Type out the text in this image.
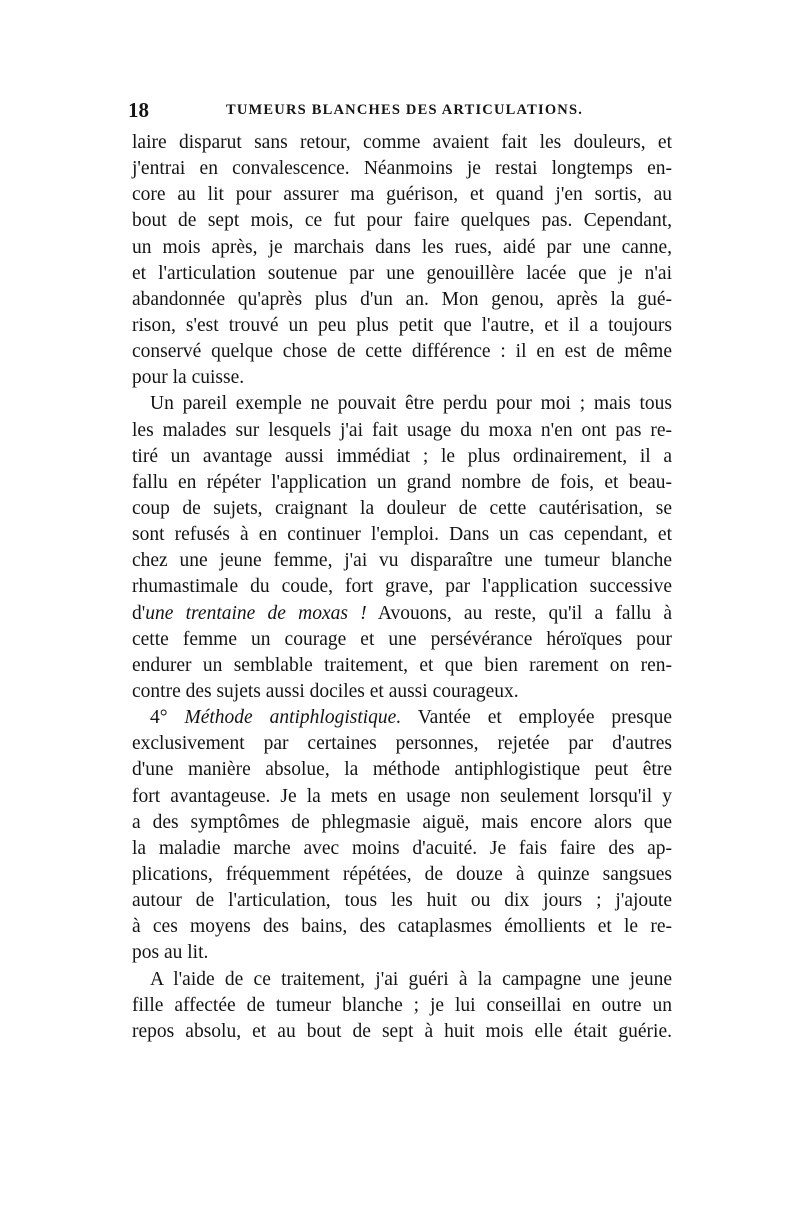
18	TUMEURS BLANCHES DES ARTICULATIONS.
laire disparut sans retour, comme avaient fait les douleurs, et
j'entrai en convalescence. Néanmoins je restai longtemps en-
core au lit pour assurer ma guérison, et quand j'en sortis, au
bout de sept mois, ce fut pour faire quelques pas. Cependant,
un mois après, je marchais dans les rues, aidé par une canne,
et l'articulation soutenue par une genouillère lacée que je n'ai
abandonnée qu'après plus d'un an. Mon genou, après la gué-
rison, s'est trouvé un peu plus petit que l'autre, et il a toujours
conservé quelque chose de cette différence : il en est de même
pour la cuisse.
Un pareil exemple ne pouvait être perdu pour moi ; mais tous
les malades sur lesquels j'ai fait usage du moxa n'en ont pas re-
tiré un avantage aussi immédiat ; le plus ordinairement, il a
fallu en répéter l'application un grand nombre de fois, et beau-
coup de sujets, craignant la douleur de cette cautérisation, se
sont refusés à en continuer l'emploi. Dans un cas cependant, et
chez une jeune femme, j'ai vu disparaître une tumeur blanche
rhumastimale du coude, fort grave, par l'application successive
d'une trentaine de moxas ! Avouons, au reste, qu'il a fallu à
cette femme un courage et une persévérance héroïques pour
endurer un semblable traitement, et que bien rarement on ren-
contre des sujets aussi dociles et aussi courageux.
4° Méthode antiphlogistique. Vantée et employée presque
exclusivement par certaines personnes, rejetée par d'autres
d'une manière absolue, la méthode antiphlogistique peut être
fort avantageuse. Je la mets en usage non seulement lorsqu'il y
a des symptômes de phlegmasie aiguë, mais encore alors que
la maladie marche avec moins d'acuité. Je fais faire des ap-
plications, fréquemment répétées, de douze à quinze sangsues
autour de l'articulation, tous les huit ou dix jours ; j'ajoute
à ces moyens des bains, des cataplasmes émollients et le re-
pos au lit.
A l'aide de ce traitement, j'ai guéri à la campagne une jeune
fille affectée de tumeur blanche ; je lui conseillai en outre un
repos absolu, et au bout de sept à huit mois elle était guérie.
